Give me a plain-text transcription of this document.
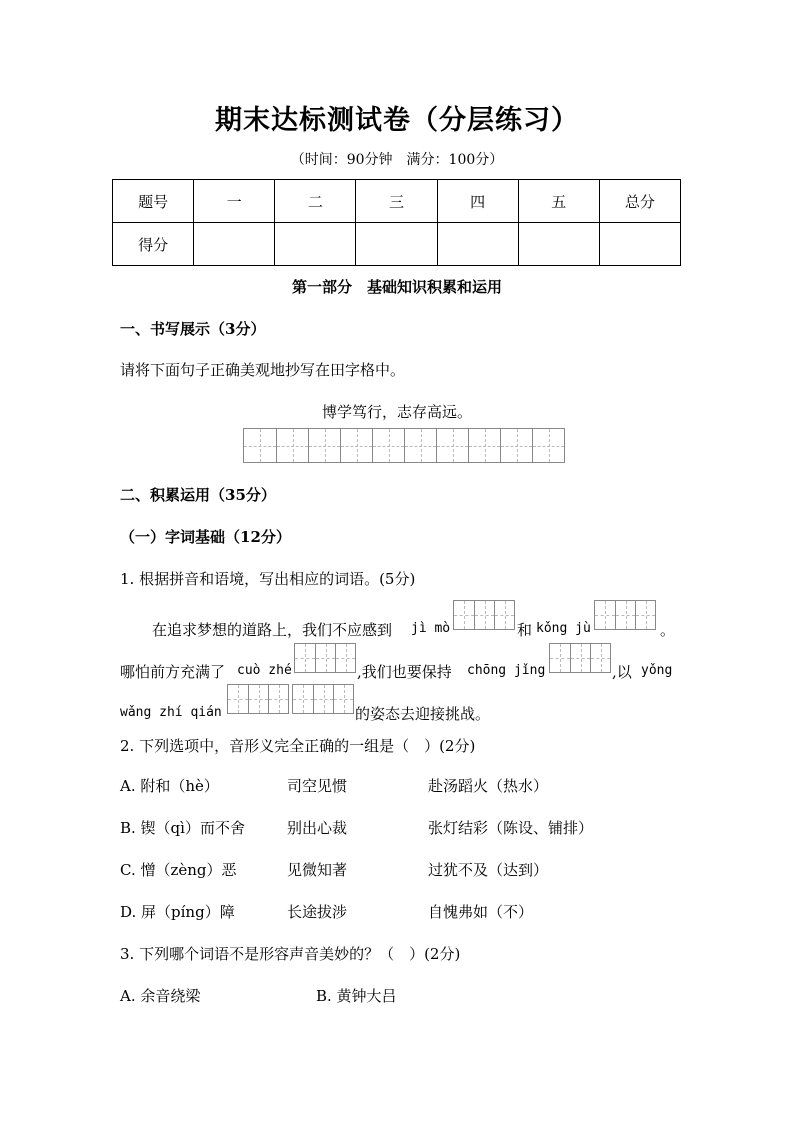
期末达标测试卷（分层练习）
（时间：90分钟　满分：100分）
题号	一	二	三	四	五	总分
得分						
第一部分　基础知识积累和运用
一、书写展示（3分）
请将下面句子正确美观地抄写在田字格中。
博学笃行，志存高远。
二、积累运用（35分）
（一）字词基础（12分）
1. 根据拼音和语境，写出相应的词语。(5分)
在追求梦想的道路上，我们不应感到 jì mò	和 kǒng jù	。
哪怕前方充满了 cuò zhé	,我们也要保持 chōng jǐng	,以 yǒng
wǎng zhí qián	的姿态去迎接挑战。
2. 下列选项中，音形义完全正确的一组是（　）(2分)
A. 附和（hè）	司空见惯	赴汤蹈火（热水）
B. 锲（qì）而不舍	别出心裁	张灯结彩（陈设、铺排）
C. 憎（zèng）恶	见微知著	过犹不及（达到）
D. 屏（píng）障	长途拔涉	自愧弗如（不）
3. 下列哪个词语不是形容声音美妙的？（　）(2分)
A. 余音绕梁	B. 黄钟大吕
